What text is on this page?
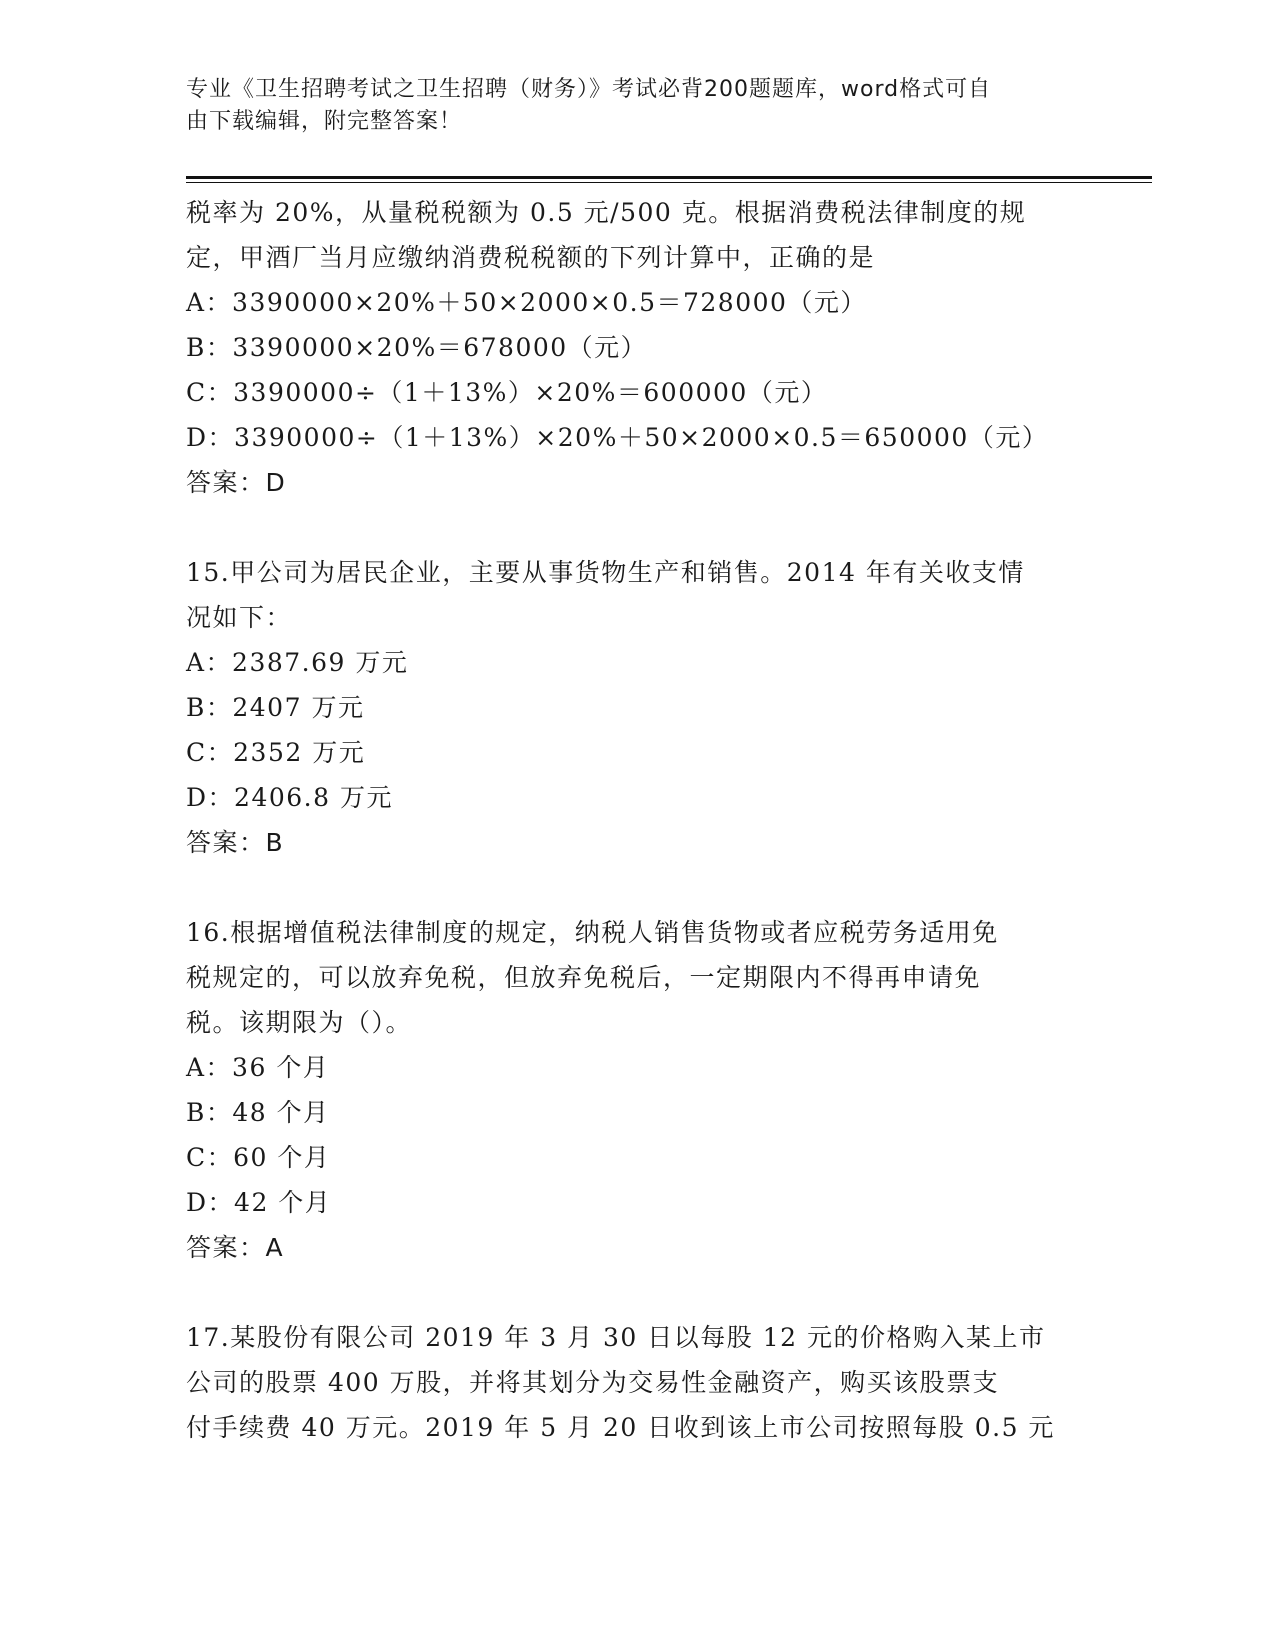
专业《卫生招聘考试之卫生招聘（财务）》考试必背200题题库，word格式可自
由下载编辑，附完整答案！
税率为 20%，从量税税额为 0.5 元/500 克。根据消费税法律制度的规
定，甲酒厂当月应缴纳消费税税额的下列计算中，正确的是
A：3390000×20%＋50×2000×0.5＝728000（元）
B：3390000×20%＝678000（元）
C：3390000÷（1＋13%）×20%＝600000（元）
D：3390000÷（1＋13%）×20%＋50×2000×0.5＝650000（元）
答案：D
15.甲公司为居民企业，主要从事货物生产和销售。2014 年有关收支情
况如下：
A：2387.69 万元
B：2407 万元
C：2352 万元
D：2406.8 万元
答案：B
16.根据增值税法律制度的规定，纳税人销售货物或者应税劳务适用免
税规定的，可以放弃免税，但放弃免税后，一定期限内不得再申请免
税。该期限为（）。
A：36 个月
B：48 个月
C：60 个月
D：42 个月
答案：A
17.某股份有限公司 2019 年 3 月 30 日以每股 12 元的价格购入某上市
公司的股票 400 万股，并将其划分为交易性金融资产，购买该股票支
付手续费 40 万元。2019 年 5 月 20 日收到该上市公司按照每股 0.5 元
